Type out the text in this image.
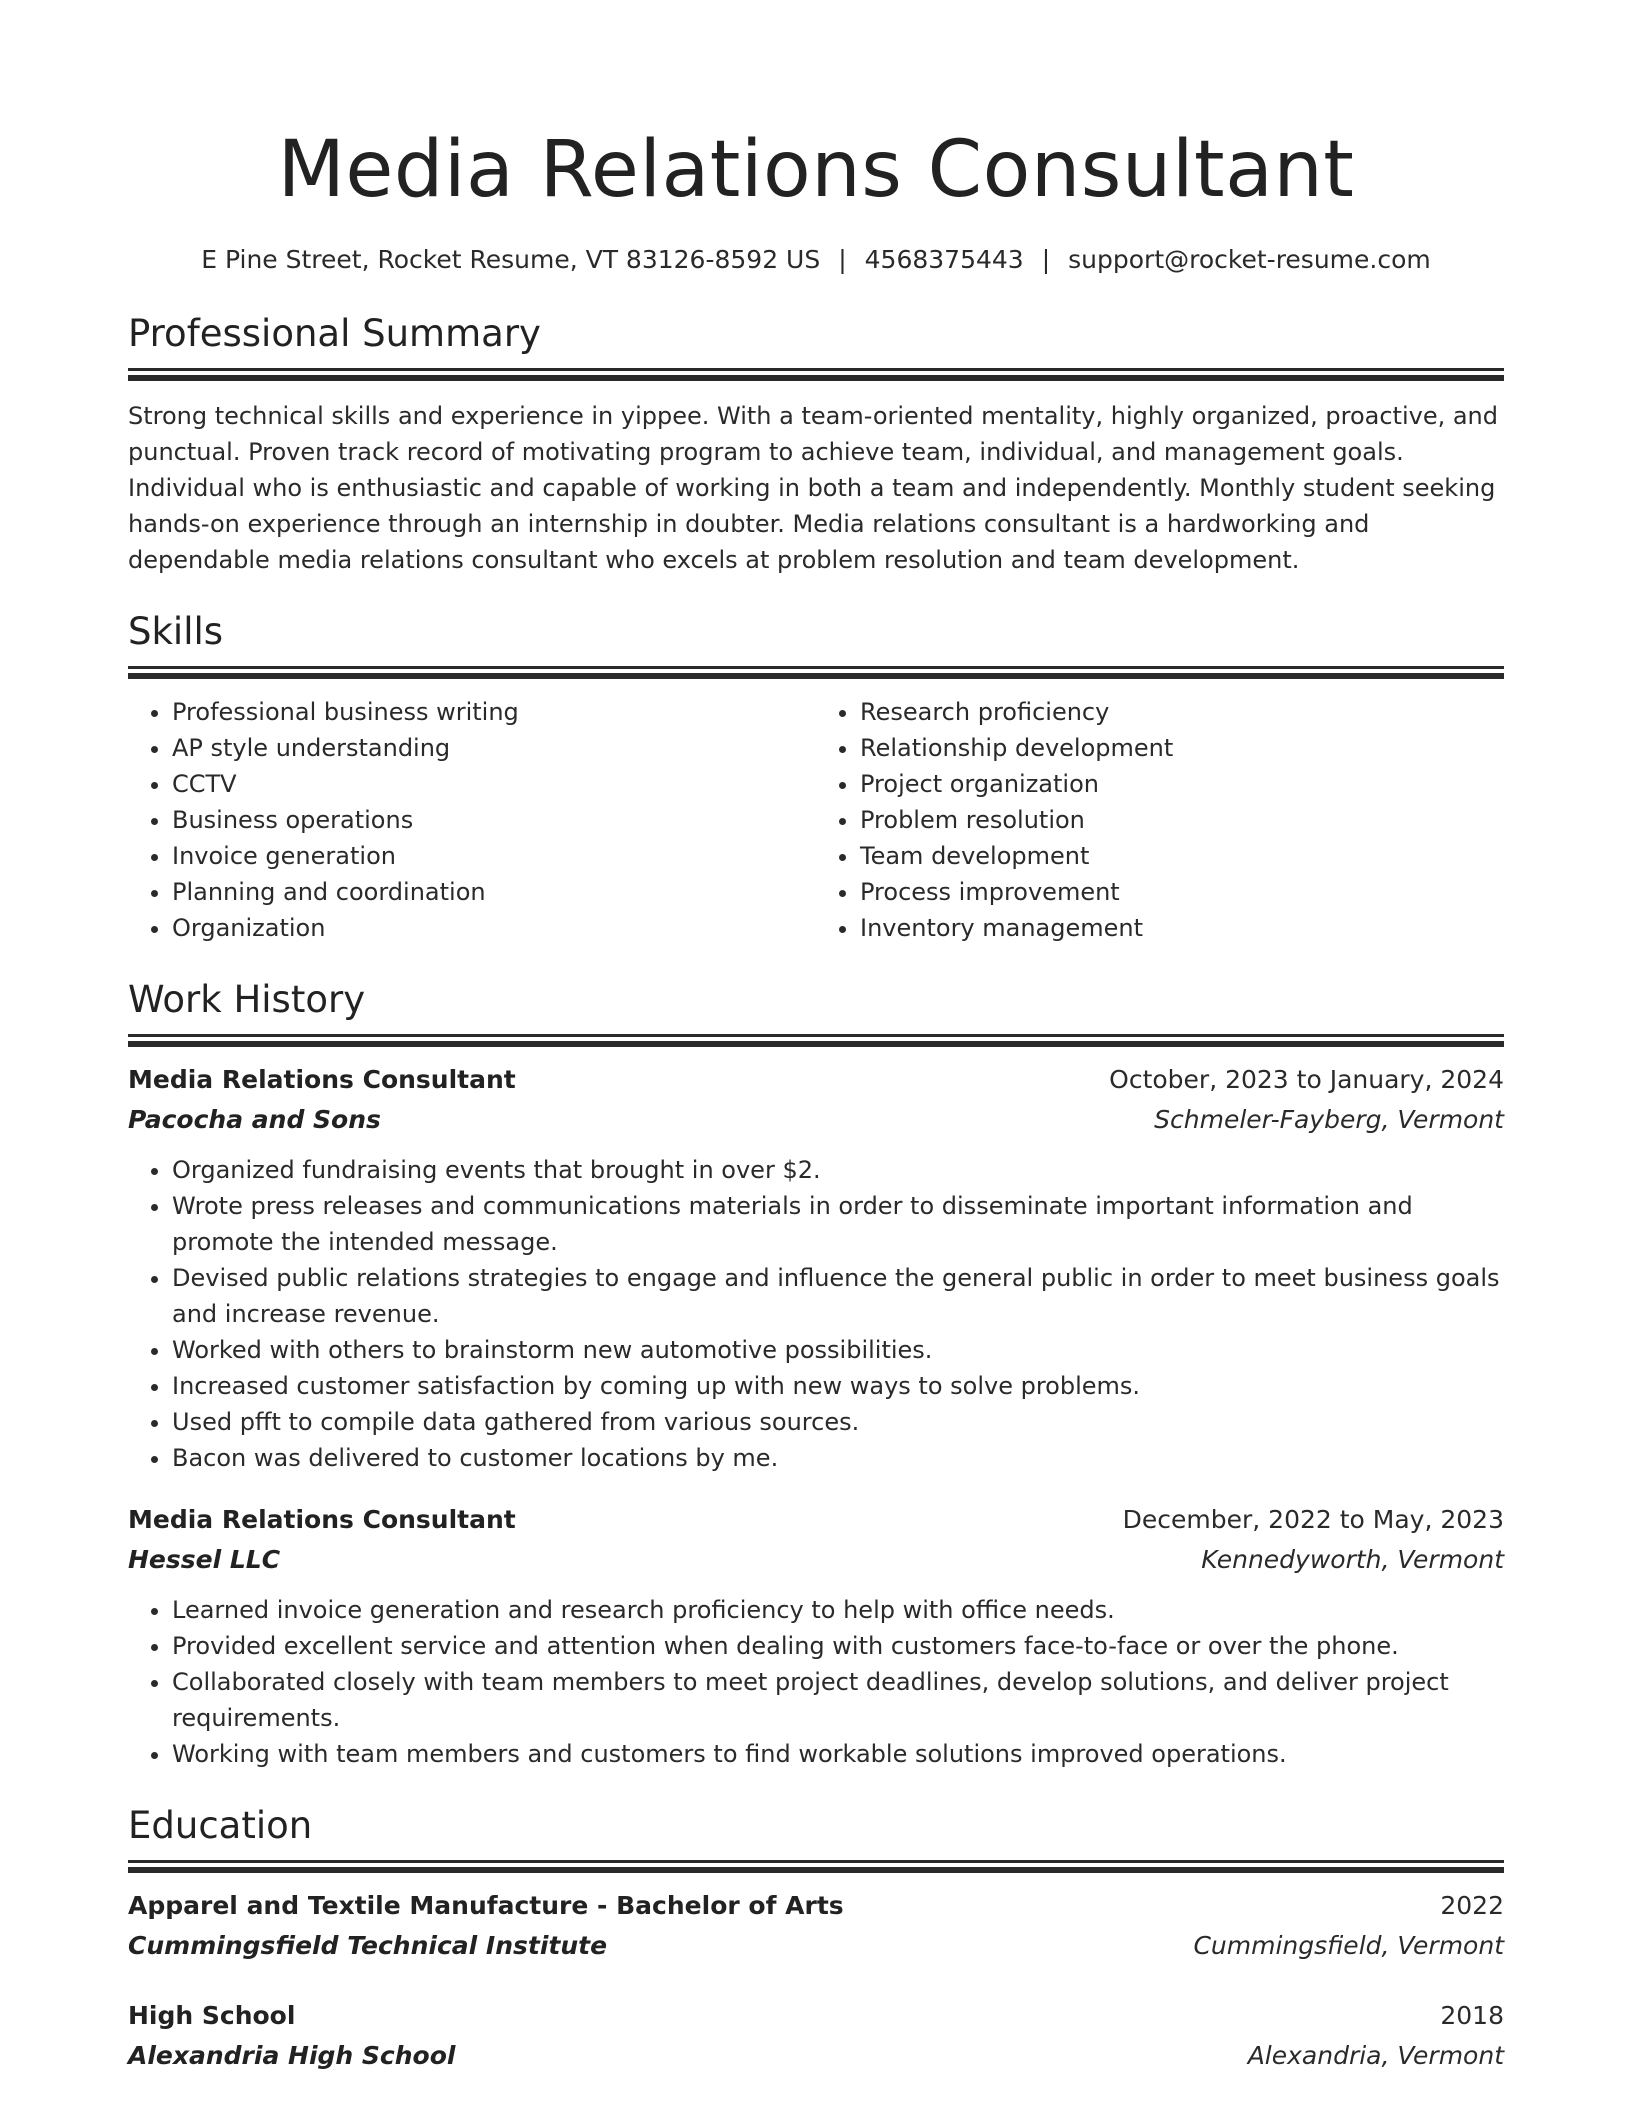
Media Relations Consultant
E Pine Street, Rocket Resume, VT 83126-8592 US | 4568375443 | support@rocket-resume.com
Professional Summary

Strong technical skills and experience in yippee. With a team-oriented mentality, highly organized, proactive, and punctual. Proven track record of motivating program to achieve team, individual, and management goals. Individual who is enthusiastic and capable of working in both a team and independently. Monthly student seeking hands-on experience through an internship in doubter. Media relations consultant is a hardworking and dependable media relations consultant who excels at problem resolution and team development.

Skills
• Professional business writing
• AP style understanding
• CCTV
• Business operations
• Invoice generation
• Planning and coordination
• Organization
• Research proficiency
• Relationship development
• Project organization
• Problem resolution
• Team development
• Process improvement
• Inventory management
Work History
Media Relations Consultant	October, 2023 to January, 2024
Pacocha and Sons	Schmeler-Fayberg, Vermont
• Organized fundraising events that brought in over $2.
• Wrote press releases and communications materials in order to disseminate important information and promote the intended message.
• Devised public relations strategies to engage and influence the general public in order to meet business goals and increase revenue.
• Worked with others to brainstorm new automotive possibilities.
• Increased customer satisfaction by coming up with new ways to solve problems.
• Used pfft to compile data gathered from various sources.
• Bacon was delivered to customer locations by me.
Media Relations Consultant	December, 2022 to May, 2023
Hessel LLC	Kennedyworth, Vermont
• Learned invoice generation and research proficiency to help with office needs.
• Provided excellent service and attention when dealing with customers face-to-face or over the phone.
• Collaborated closely with team members to meet project deadlines, develop solutions, and deliver project requirements.
• Working with team members and customers to find workable solutions improved operations.
Education
Apparel and Textile Manufacture - Bachelor of Arts	2022
Cummingsfield Technical Institute	Cummingsfield, Vermont
High School	2018
Alexandria High School	Alexandria, Vermont
